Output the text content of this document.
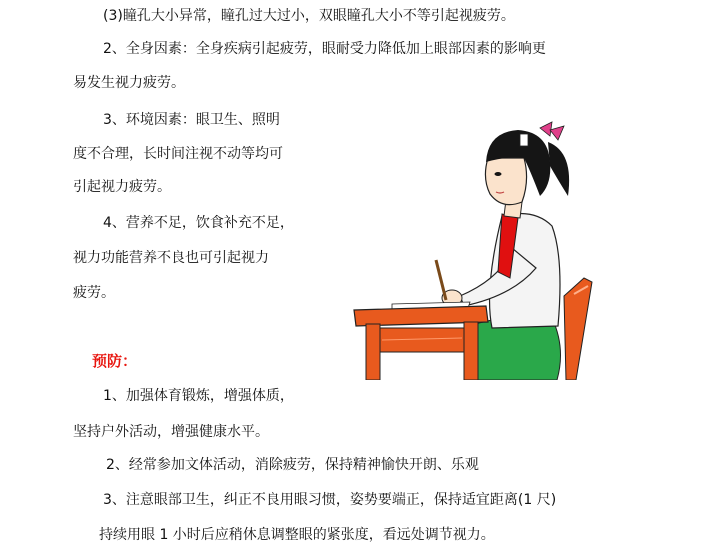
(3)瞳孔大小异常，瞳孔过大过小，双眼瞳孔大小不等引起视疲劳。
2、全身因素：全身疾病引起疲劳，眼耐受力降低加上眼部因素的影响更
易发生视力疲劳。
3、环境因素：眼卫生、照明
度不合理，长时间注视不动等均可
引起视力疲劳。
4、营养不足，饮食补充不足，
视力功能营养不良也可引起视力
疲劳。
预防：
1、加强体育锻炼，增强体质，
坚持户外活动，增强健康水平。
2、经常参加文体活动，消除疲劳，保持精神愉快开朗、乐观
3、注意眼部卫生，纠正不良用眼习惯，姿势要端正，保持适宜距离(1 尺)
持续用眼 1 小时后应稍休息调整眼的紧张度，看远处调节视力。
